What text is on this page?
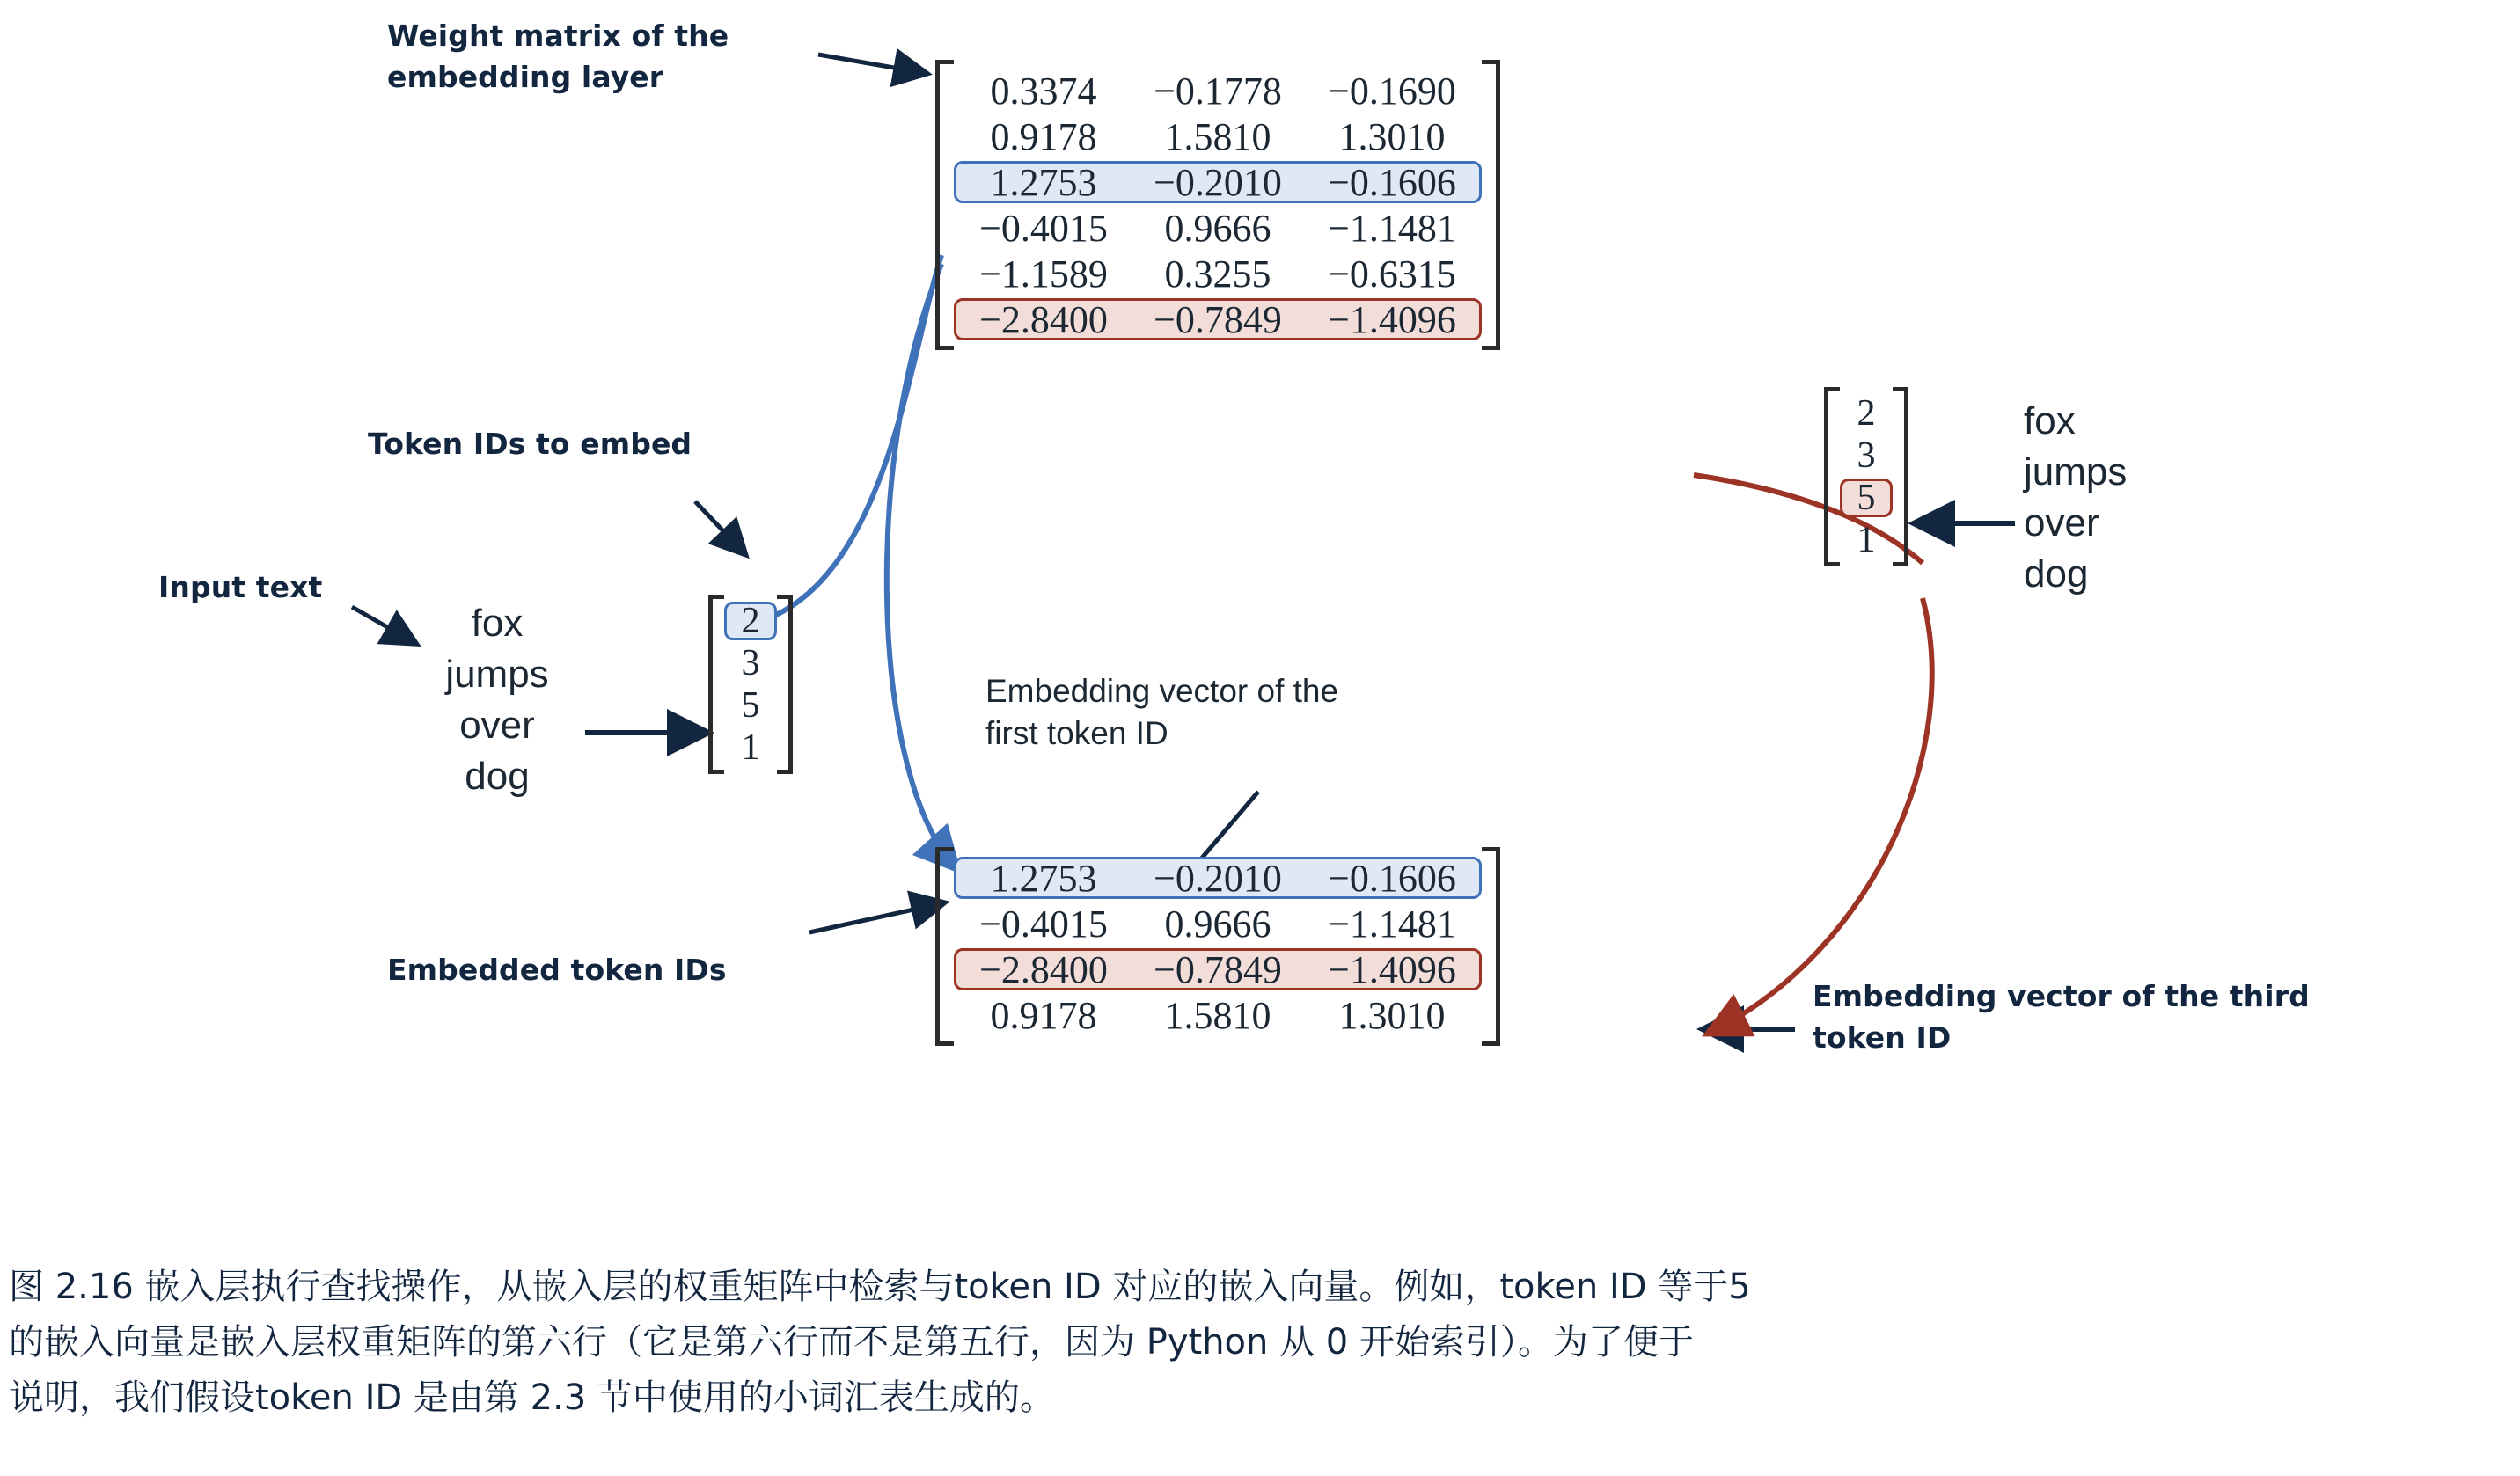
Weight matrix of the
embedding layer
Token IDs to embed
Input text
Embedded token IDs
Embedding vector of the third
token ID
Embedding vector of the
first token ID
fox
jumps
over
dog
fox
jumps
over
dog
2
3
5
1
2
3
5
1
0.3374	−0.1778	−0.1690
0.9178	1.5810	1.3010
1.2753	−0.2010	−0.1606
−0.4015	0.9666	−1.1481
−1.1589	0.3255	−0.6315
−2.8400	−0.7849	−1.4096
1.2753	−0.2010	−0.1606
−0.4015	0.9666	−1.1481
−2.8400	−0.7849	−1.4096
0.9178	1.5810	1.3010
图 2.16 嵌入层执行查找操作，从嵌入层的权重矩阵中检索与token ID 对应的嵌入向量。例如，token ID 等于5
的嵌入向量是嵌入层权重矩阵的第六行（它是第六行而不是第五行，因为 Python 从 0 开始索引）。为了便于
说明，我们假设token ID 是由第 2.3 节中使用的小词汇表生成的。
